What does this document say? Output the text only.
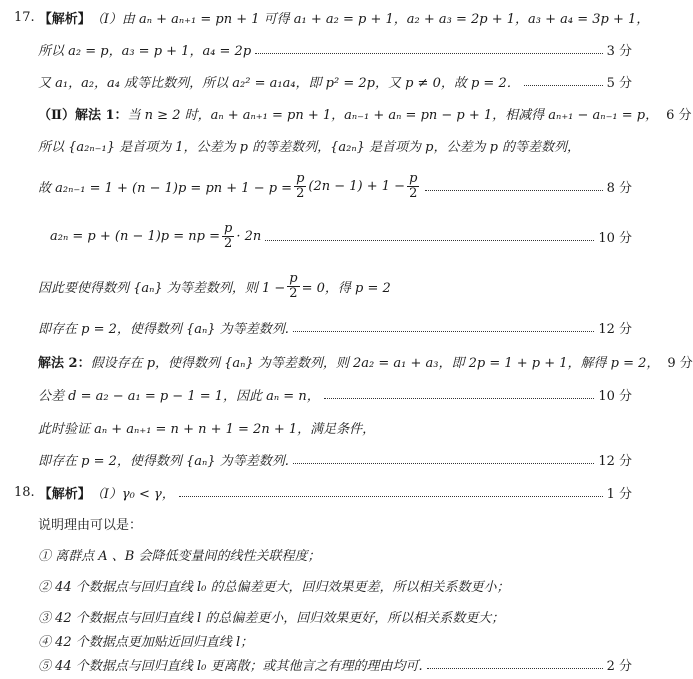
17. 【解析】 （Ⅰ）由 aₙ + aₙ₊₁ = pn + 1 可得 a₁ + a₂ = p + 1，a₂ + a₃ = 2p + 1，a₃ + a₄ = 3p + 1，
所以 a₂ = p，a₃ = p + 1，a₄ = 2p	3 分
又 a₁，a₂，a₄ 成等比数列，所以 a₂² = a₁a₄，即 p² = 2p，又 p ≠ 0，故 p = 2．	5 分
（Ⅱ）解法 1： 当 n ≥ 2 时，aₙ + aₙ₊₁ = pn + 1，aₙ₋₁ + aₙ = pn − p + 1，相减得 aₙ₊₁ − aₙ₋₁ = p， 6 分
所以 {a₂ₙ₋₁} 是首项为 1，公差为 p 的等差数列，{a₂ₙ} 是首项为 p，公差为 p 的等差数列，
故 a₂ₙ₋₁ = 1 + (n − 1)p = pn + $1 - p = \frac{p}{2} (2n - 1) + 1 - \frac{p}{2}$	8 分
a₂ₙ = p + (n − 1)p = np = $\frac{p}{2} \cdot 2n$	10 分
因此要使得数列 {aₙ} 为等差数列，则 $1 - \frac{p}{2} = 0$，得 p = 2
即存在 p = 2，使得数列 {aₙ} 为等差数列.	12 分
解法 2： 假设存在 p，使得数列 {aₙ} 为等差数列，则 2a₂ = a₁ + a₃，即 2p = 1 + p + 1，解得 p = 2， 9 分
公差 d = a₂ − a₁ = p − 1 = 1，因此 aₙ = n，	10 分
此时验证 aₙ + aₙ₊₁ = n + n + 1 = 2n + 1，满足条件，
即存在 p = 2，使得数列 {aₙ} 为等差数列.	12 分
18. 【解析】 （Ⅰ）γ₀ < γ，	1 分
说明理由可以是：
① 离群点 A 、B 会降低变量间的线性关联程度；
② 44 个数据点与回归直线 l₀ 的总偏差更大，回归效果更差，所以相关系数更小；
③ 42 个数据点与回归直线 l 的总偏差更小，回归效果更好，所以相关系数更大；
④ 42 个数据点更加贴近回归直线 l；
⑤ 44 个数据点与回归直线 l₀ 更离散；或其他言之有理的理由均可.	2 分
